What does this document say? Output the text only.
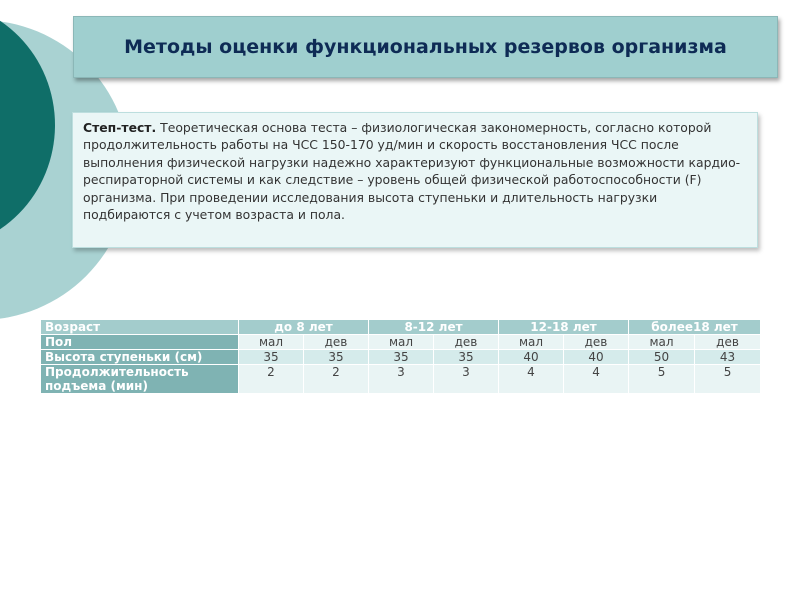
Методы оценки функциональных резервов организма
Степ-тест. Теоретическая основа теста – физиологическая закономерность, согласно которой продолжительность работы на ЧСС 150-170 уд/мин и скорость восстановления ЧСС после выполнения физической нагрузки надежно характеризуют функциональные возможности кардио-респираторной системы и как следствие – уровень общей физической работоспособности (F) организма. При проведении исследования высота ступеньки и длительность нагрузки подбираются с учетом возраста и пола.
Возраст	до 8 лет		8-12 лет		12-18 лет		более18 лет	
Пол	мал	дев	мал	дев	мал	дев	мал	дев
Высота ступеньки (см)	35	35	35	35	40	40	50	43
Продолжительность подъема (мин)	2	2	3	3	4	4	5	5
